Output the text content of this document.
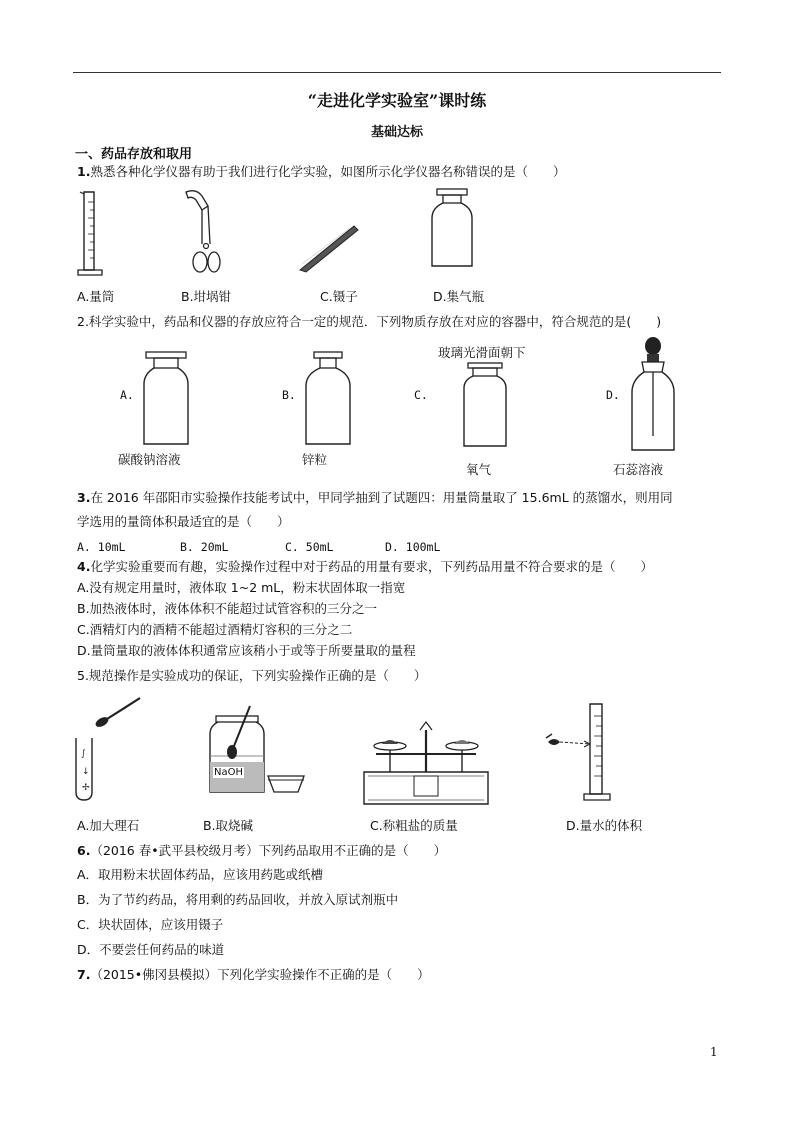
“走进化学实验室”课时练
基础达标
一、药品存放和取用
1.熟悉各种化学仪器有助于我们进行化学实验，如图所示化学仪器名称错误的是（　　）
A.量筒	B.坩埚钳	C.镊子	D.集气瓶
2.科学实验中，药品和仪器的存放应符合一定的规范．下列物质存放在对应的容器中，符合规范的是(　　)
A.
碳酸钠溶液
B.
锌粒
玻璃光滑面朝下
C.
氧气
D.
石蕊溶液
3.在 2016 年邵阳市实验操作技能考试中，甲同学抽到了试题四：用量筒量取了 15.6mL 的蒸馏水，则用同
学选用的量筒体积最适宜的是（　　）
A. 10mL	B. 20mL	C. 50mL	D. 100mL
4.化学实验重要而有趣，实验操作过程中对于药品的用量有要求，下列药品用量不符合要求的是（　　）
A.没有规定用量时，液体取 1~2 mL，粉末状固体取一指宽
B.加热液体时，液体体积不能超过试管容积的三分之一
C.酒精灯内的酒精不能超过酒精灯容积的三分之二
D.量筒量取的液体体积通常应该稍小于或等于所要量取的量程
5.规范操作是实验成功的保证，下列实验操作正确的是（　　）
∫
↓
✢
A.加大理石
NaOH
B.取烧碱	C.称粗盐的质量	D.量水的体积
6.（2016 春•武平县校级月考）下列药品取用不正确的是（　　）
A．取用粉末状固体药品，应该用药匙或纸槽
B．为了节约药品，将用剩的药品回收，并放入原试剂瓶中
C．块状固体，应该用镊子
D．不要尝任何药品的味道
7.（2015•佛冈县模拟）下列化学实验操作不正确的是（　　）
1
